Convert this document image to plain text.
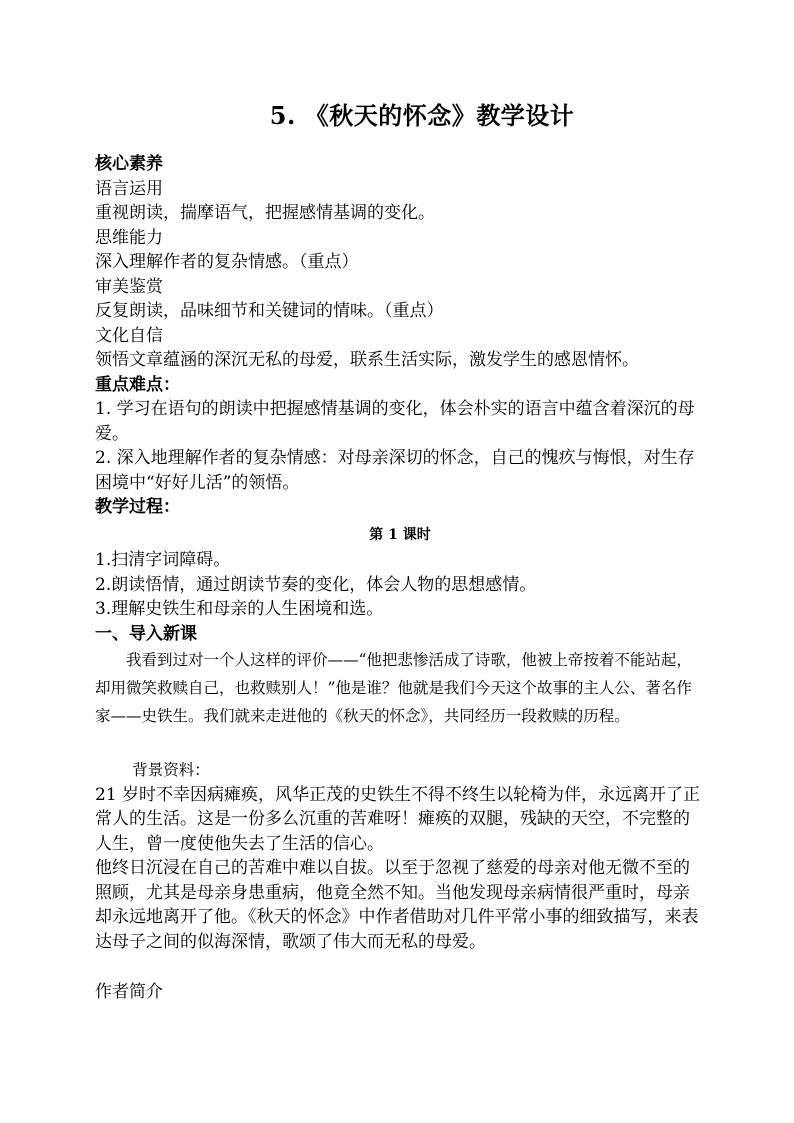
5. 《秋天的怀念》教学设计

核心素养

语言运用

重视朗读，揣摩语气，把握感情基调的变化。

思维能力

深入理解作者的复杂情感。（重点）

审美鉴赏

反复朗读，品味细节和关键词的情味。（重点）

文化自信

领悟文章蕴涵的深沉无私的母爱，联系生活实际，激发学生的感恩情怀。

重点难点：

1. 学习在语句的朗读中把握感情基调的变化，体会朴实的语言中蕴含着深沉的母爱。

2. 深入地理解作者的复杂情感：对母亲深切的怀念，自己的愧疚与悔恨，对生存困境中“好好儿活”的领悟。

教学过程：

第 1 课时

1.扫清字词障碍。

2.朗读悟情，通过朗读节奏的变化，体会人物的思想感情。

3.理解史铁生和母亲的人生困境和选。

一、导入新课

我看到过对一个人这样的评价——“他把悲惨活成了诗歌，他被上帝按着不能站起，却用微笑救赎自己，也救赎别人！”他是谁？他就是我们今天这个故事的主人公、著名作家——史铁生。我们就来走进他的《秋天的怀念》，共同经历一段救赎的历程。

背景资料：

21 岁时不幸因病瘫痪，风华正茂的史铁生不得不终生以轮椅为伴，永远离开了正常人的生活。这是一份多么沉重的苦难呀！瘫痪的双腿，残缺的天空，不完整的人生，曾一度使他失去了生活的信心。

他终日沉浸在自己的苦难中难以自拔。以至于忽视了慈爱的母亲对他无微不至的照顾，尤其是母亲身患重病，他竟全然不知。当他发现母亲病情很严重时，母亲却永远地离开了他。《秋天的怀念》中作者借助对几件平常小事的细致描写，来表达母子之间的似海深情，歌颂了伟大而无私的母爱。

作者简介
